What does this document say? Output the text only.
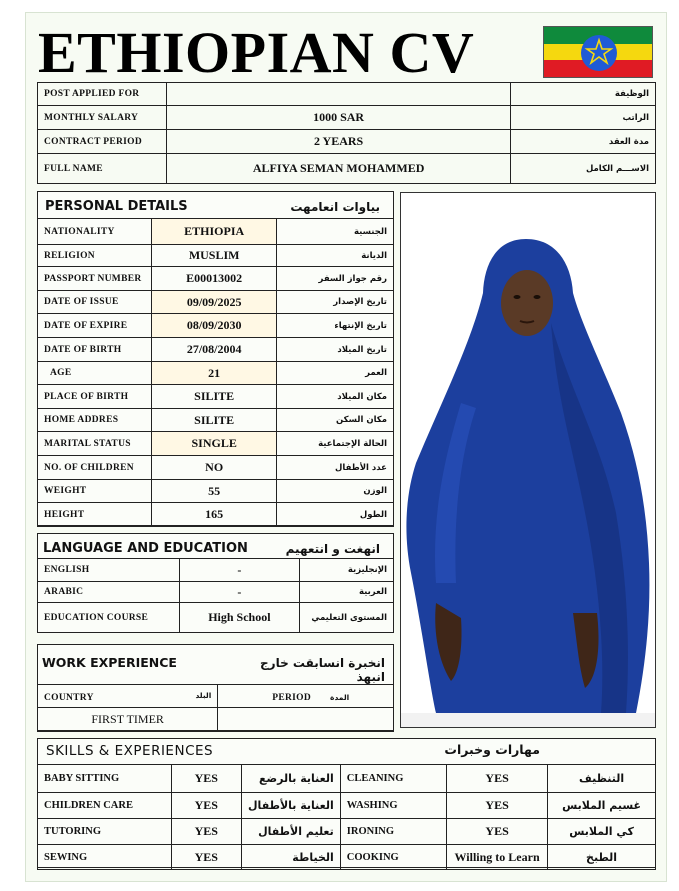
ETHIOPIAN CV
POST APPLIED FOR		الوظيفة
MONTHLY SALARY	1000 SAR	الراتب
CONTRACT PERIOD	2 YEARS	مدة العقد
FULL NAME	ALFIYA SEMAN MOHAMMED	الاســـم الكامل
PERSONAL DETAILS	بياوات انعامهت
NATIONALITY	ETHIOPIA	الجنسية
RELIGION	MUSLIM	الديانة
PASSPORT NUMBER	E00013002	رقم جواز السفر
DATE OF ISSUE	09/09/2025	تاريخ الإصدار
DATE OF EXPIRE	08/09/2030	تاريخ الإنتهاء
DATE OF BIRTH	27/08/2004	تاريخ الميلاد
AGE	21	العمر
PLACE OF BIRTH	SILITE	مكان الميلاد
HOME ADDRES	SILITE	مكان السكن
MARITAL STATUS	SINGLE	الحالة الإجتماعية
NO. OF CHILDREN	NO	عدد الأطفال
WEIGHT	55	الوزن
HEIGHT	165	الطول
LANGUAGE AND EDUCATION	انهغت و انتعهيم
ENGLISH	-	الإنجليزية
ARABIC	-	العربية
EDUCATION COURSE	High School	المستوى التعليمي
WORK EXPERIENCE	انخبرة انسابقت خارج انبهذ
COUNTRY البلد	PERIOD المدة
FIRST TIMER	
SKILLS & EXPERIENCES	مهارات وخبرات
BABY SITTING	YES	العناية بالرضع	CLEANING	YES	التنظيف
CHILDREN CARE	YES	العناية بالأطفال	WASHING	YES	غسيم الملابس
TUTORING	YES	تعليم الأطفال	IRONING	YES	كي الملابس
SEWING	YES	الخياطة	COOKING	Willing to Learn	الطبخ
